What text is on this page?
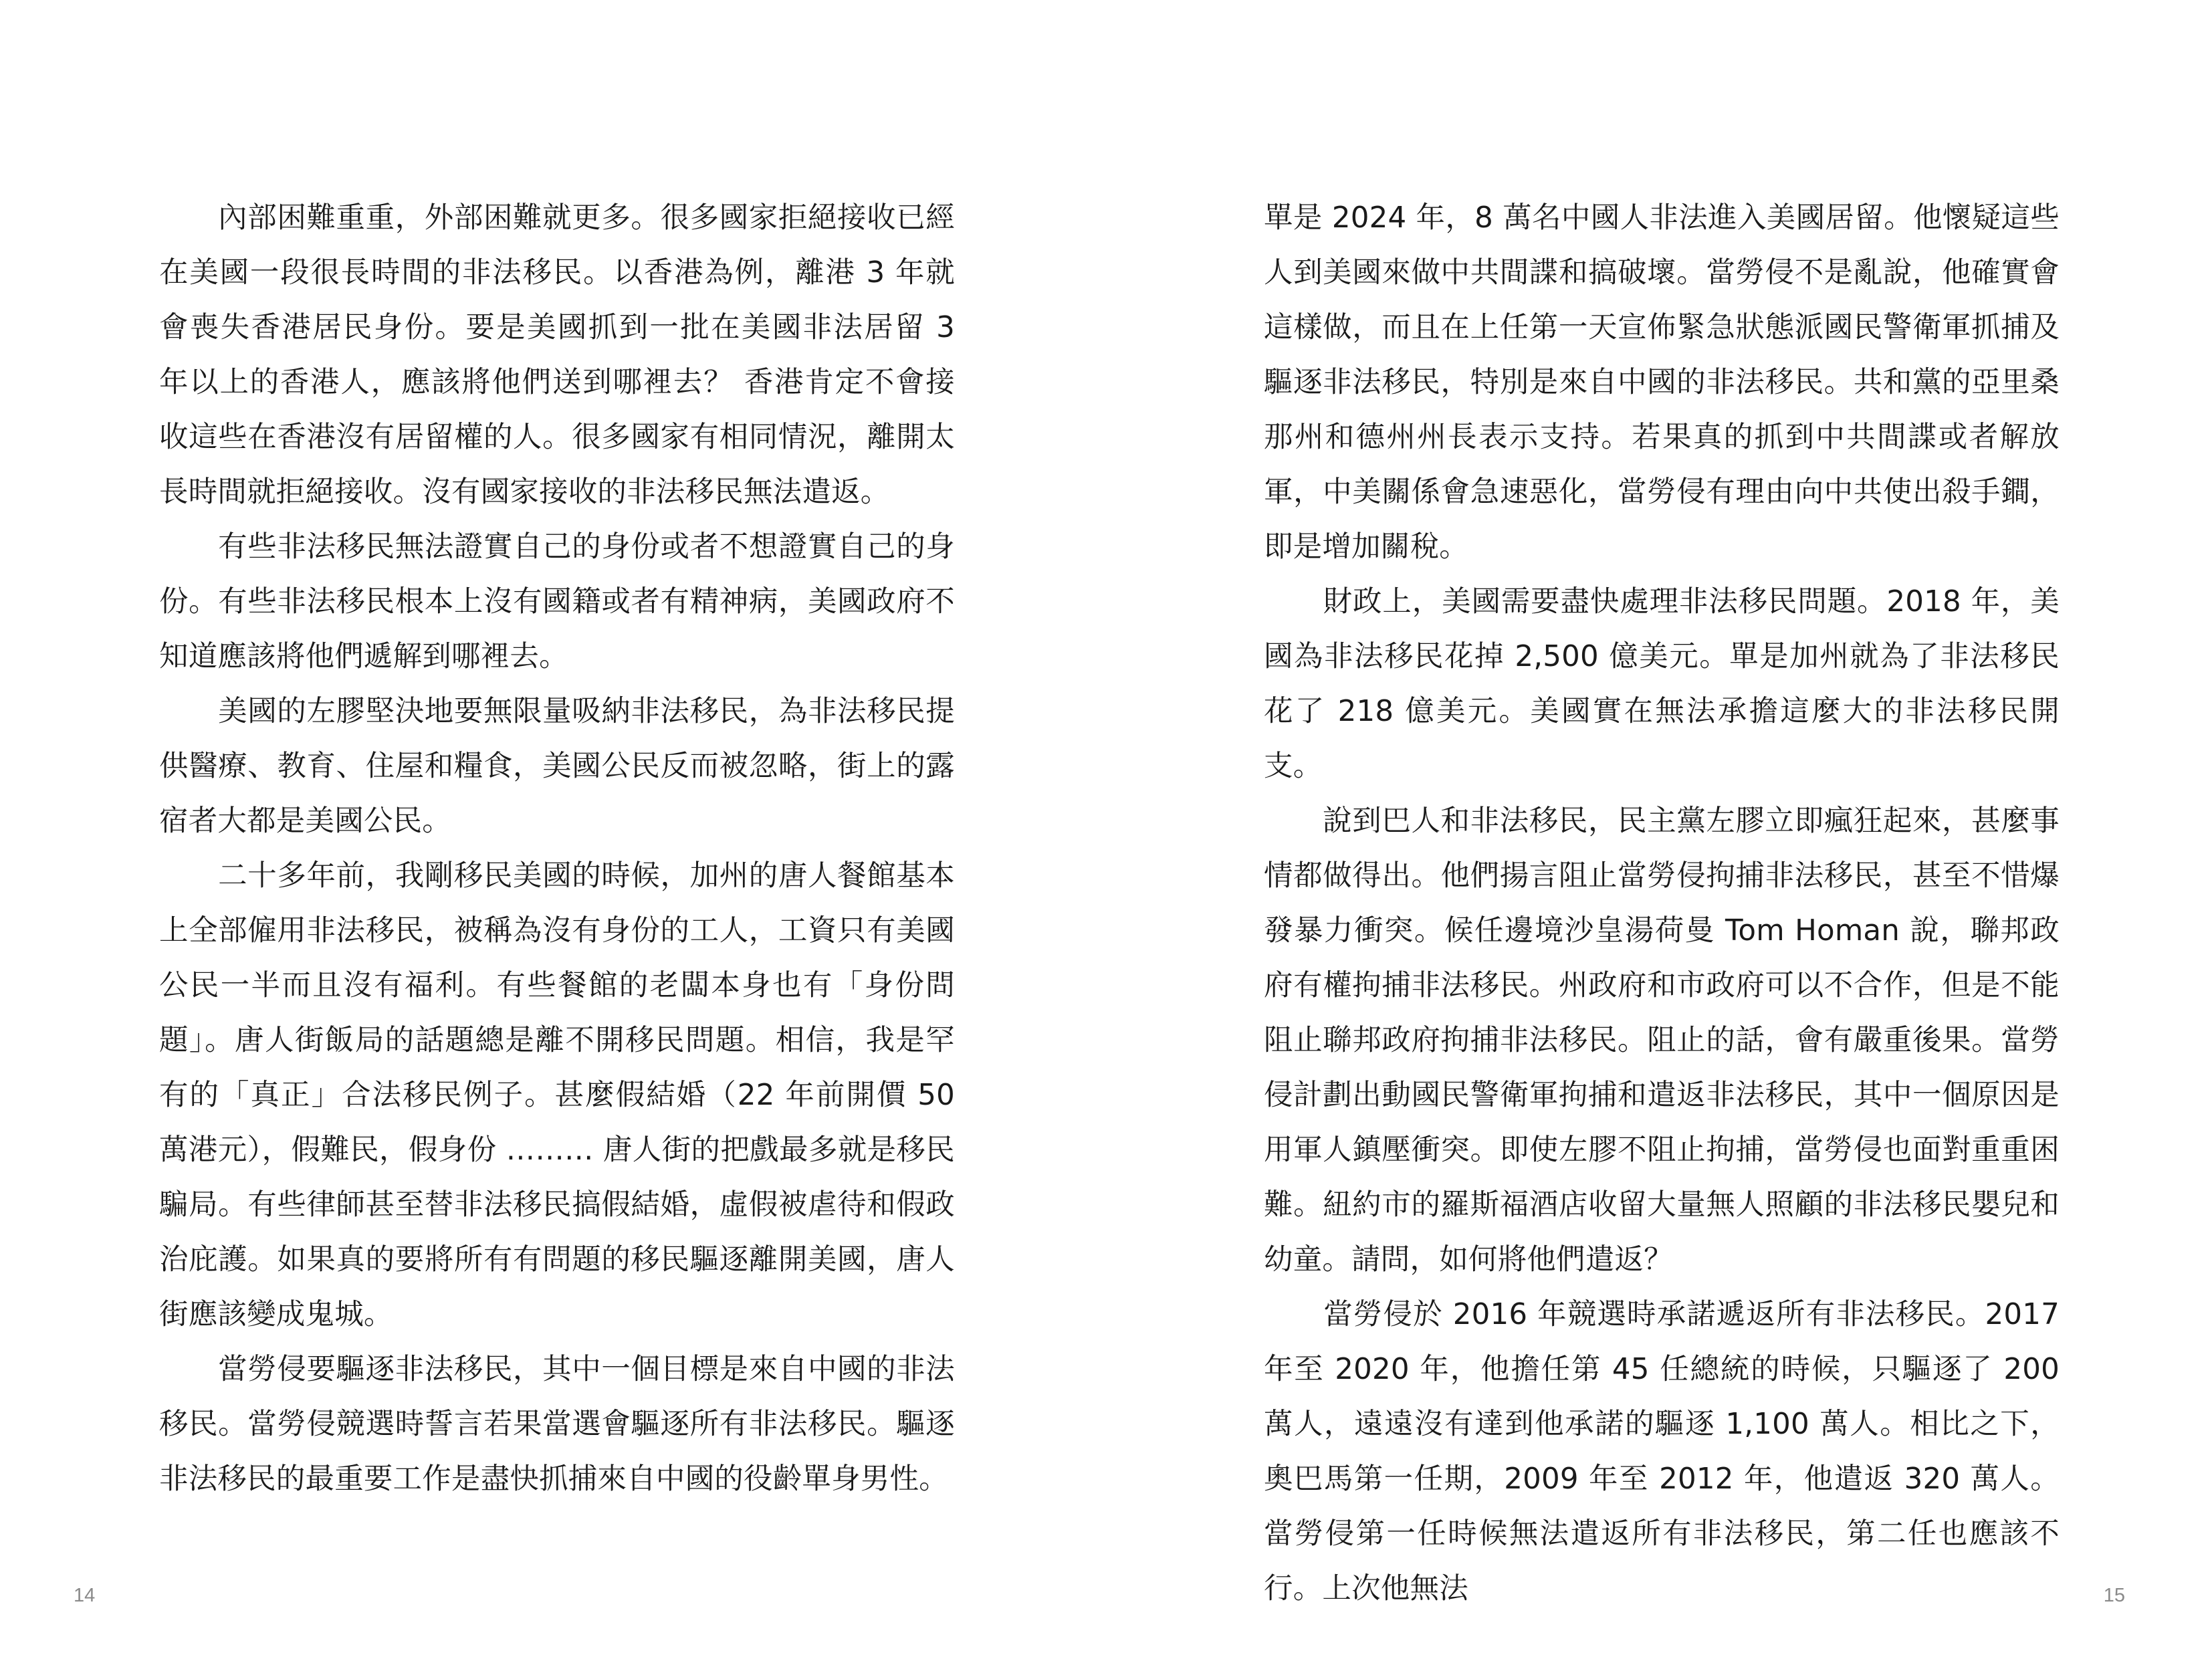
　　內部困難重重，外部困難就更多。很多國家拒絕接收已經在美國一段很長時間的非法移民。以香港為例，離港 3 年就會喪失香港居民身份。要是美國抓到一批在美國非法居留 3 年以上的香港人，應該將他們送到哪裡去？ 香港肯定不會接收這些在香港沒有居留權的人。很多國家有相同情況，離開太長時間就拒絕接收。沒有國家接收的非法移民無法遣返。

　　有些非法移民無法證實自己的身份或者不想證實自己的身份。有些非法移民根本上沒有國籍或者有精神病，美國政府不知道應該將他們遞解到哪裡去。

　　美國的左膠堅決地要無限量吸納非法移民，為非法移民提供醫療、教育、住屋和糧食，美國公民反而被忽略，街上的露宿者大都是美國公民。

　　二十多年前，我剛移民美國的時候，加州的唐人餐館基本上全部僱用非法移民，被稱為沒有身份的工人，工資只有美國公民一半而且沒有福利。有些餐館的老闆本身也有「身份問題」。唐人街飯局的話題總是離不開移民問題。相信，我是罕有的「真正」合法移民例子。甚麼假結婚（22 年前開價 50 萬港元），假難民，假身份 ……… 唐人街的把戲最多就是移民騙局。有些律師甚至替非法移民搞假結婚，虛假被虐待和假政治庇護。如果真的要將所有有問題的移民驅逐離開美國，唐人街應該變成鬼城。

　　當勞侵要驅逐非法移民，其中一個目標是來自中國的非法移民。當勞侵競選時誓言若果當選會驅逐所有非法移民。驅逐非法移民的最重要工作是盡快抓捕來自中國的役齡單身男性。

14

單是 2024 年，8 萬名中國人非法進入美國居留。他懷疑這些人到美國來做中共間諜和搞破壞。當勞侵不是亂說，他確實會這樣做，而且在上任第一天宣佈緊急狀態派國民警衛軍抓捕及驅逐非法移民，特別是來自中國的非法移民。共和黨的亞里桑那州和德州州長表示支持。若果真的抓到中共間諜或者解放軍，中美關係會急速惡化，當勞侵有理由向中共使出殺手鐧，即是增加關稅。

　　財政上，美國需要盡快處理非法移民問題。2018 年，美國為非法移民花掉 2,500 億美元。單是加州就為了非法移民花了 218 億美元。美國實在無法承擔這麼大的非法移民開支。

　　說到巴人和非法移民，民主黨左膠立即瘋狂起來，甚麼事情都做得出。他們揚言阻止當勞侵拘捕非法移民，甚至不惜爆發暴力衝突。候任邊境沙皇湯荷曼 Tom Homan 說，聯邦政府有權拘捕非法移民。州政府和市政府可以不合作，但是不能阻止聯邦政府拘捕非法移民。阻止的話，會有嚴重後果。當勞侵計劃出動國民警衛軍拘捕和遣返非法移民，其中一個原因是用軍人鎮壓衝突。即使左膠不阻止拘捕，當勞侵也面對重重困難。紐約市的羅斯福酒店收留大量無人照顧的非法移民嬰兒和幼童。請問，如何將他們遣返？

　　當勞侵於 2016 年競選時承諾遞返所有非法移民。2017 年至 2020 年，他擔任第 45 任總統的時候，只驅逐了 200 萬人，遠遠沒有達到他承諾的驅逐 1,100 萬人。相比之下，奧巴馬第一任期，2009 年至 2012 年，他遣返 320 萬人。當勞侵第一任時候無法遣返所有非法移民，第二任也應該不行。上次他無法	15
